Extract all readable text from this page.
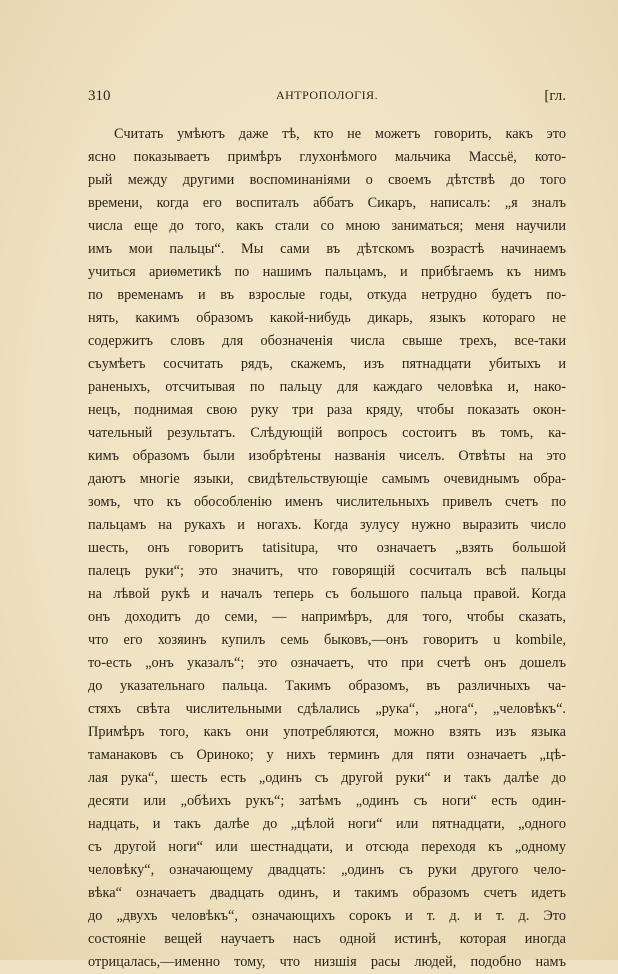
310	АНТРОПОЛОГІЯ.	[гл.
Считать умѣютъ даже тѣ, кто не можетъ говорить, какъ это
ясно показываетъ примѣръ глухонѣмого мальчика Массьё, кото-
рый между другими воспоминаніями о своемъ дѣтствѣ до того
времени, когда его воспиталъ аббатъ Сикаръ, написалъ: „я зналъ
числа еще до того, какъ стали со мною заниматься; меня научили
имъ мои пальцы“. Мы сами въ дѣтскомъ возрастѣ начинаемъ
учиться ариѳметикѣ по нашимъ пальцамъ, и прибѣгаемъ къ нимъ
по временамъ и въ взрослые годы, откуда нетрудно будетъ по-
нять, какимъ образомъ какой-нибудь дикарь, языкъ котораго не
содержитъ словъ для обозначенія числа свыше трехъ, все-таки
съумѣетъ сосчитать рядъ, скажемъ, изъ пятнадцати убитыхъ и
раненыхъ, отсчитывая по пальцу для каждаго человѣка и, нако-
нецъ, поднимая свою руку три раза кряду, чтобы показать окон-
чательный результатъ. Слѣдующій вопросъ состоитъ въ томъ, ка-
кимъ образомъ были изобрѣтены названія чиселъ. Отвѣты на это
даютъ многіе языки, свидѣтельствующіе самымъ очевиднымъ обра-
зомъ, что къ обособленію именъ числительныхъ привелъ счетъ по
пальцамъ на рукахъ и ногахъ. Когда зулусу нужно выразить число
шесть, онъ говоритъ tatisitupa, что означаетъ „взять большой
палецъ руки“; это значитъ, что говорящій сосчиталъ всѣ пальцы
на лѣвой рукѣ и началъ теперь съ большого пальца правой. Когда
онъ доходитъ до семи, — напримѣръ, для того, чтобы сказать,
что его хозяинъ купилъ семь быковъ,—онъ говоритъ u kombile,
то-есть „онъ указалъ“; это означаетъ, что при счетѣ онъ дошелъ
до указательнаго пальца. Такимъ образомъ, въ различныхъ ча-
стяхъ свѣта числительными сдѣлались „рука“, „нога“, „человѣкъ“.
Примѣръ того, какъ они употребляются, можно взять изъ языка
таманаковъ съ Ориноко; у нихъ терминъ для пяти означаетъ „цѣ-
лая рука“, шесть есть „одинъ съ другой руки“ и такъ далѣе до
десяти или „обѣихъ рукъ“; затѣмъ „одинъ съ ноги“ есть один-
надцать, и такъ далѣе до „цѣлой ноги“ или пятнадцати, „одного
съ другой ноги“ или шестнадцати, и отсюда переходя къ „одному
человѣку“, означающему двадцать: „одинъ съ руки другого чело-
вѣка“ означаетъ двадцать одинъ, и такимъ образомъ счетъ идетъ
до „двухъ человѣкъ“, означающихъ сорокъ и т. д. и т. д. Это
состояніе вещей научаетъ насъ одной истинѣ, которая иногда
отрицалась,—именно тому, что низшія расы людей, подобно намъ
